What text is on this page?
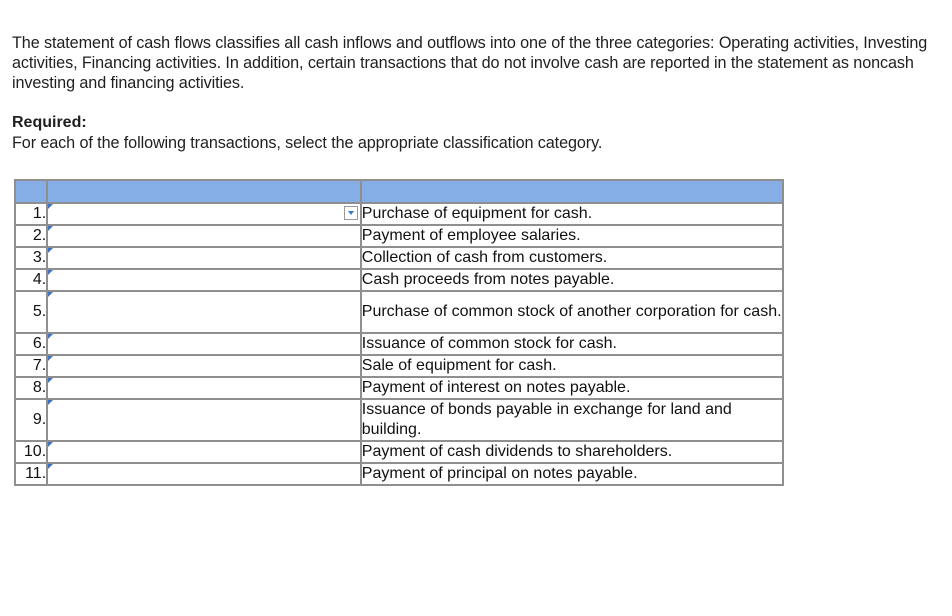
The statement of cash flows classifies all cash inflows and outflows into one of the three categories: Operating activities, Investing activities, Financing activities. In addition, certain transactions that do not involve cash are reported in the statement as noncash investing and financing activities.

Required:

For each of the following transactions, select the appropriate classification category.

1.		Purchase of equipment for cash.
2.		Payment of employee salaries.
3.		Collection of cash from customers.
4.		Cash proceeds from notes payable.
5.		Purchase of common stock of another corporation for cash.
6.		Issuance of common stock for cash.
7.		Sale of equipment for cash.
8.		Payment of interest on notes payable.
9.		Issuance of bonds payable in exchange for land and building.
10.		Payment of cash dividends to shareholders.
11.		Payment of principal on notes payable.
